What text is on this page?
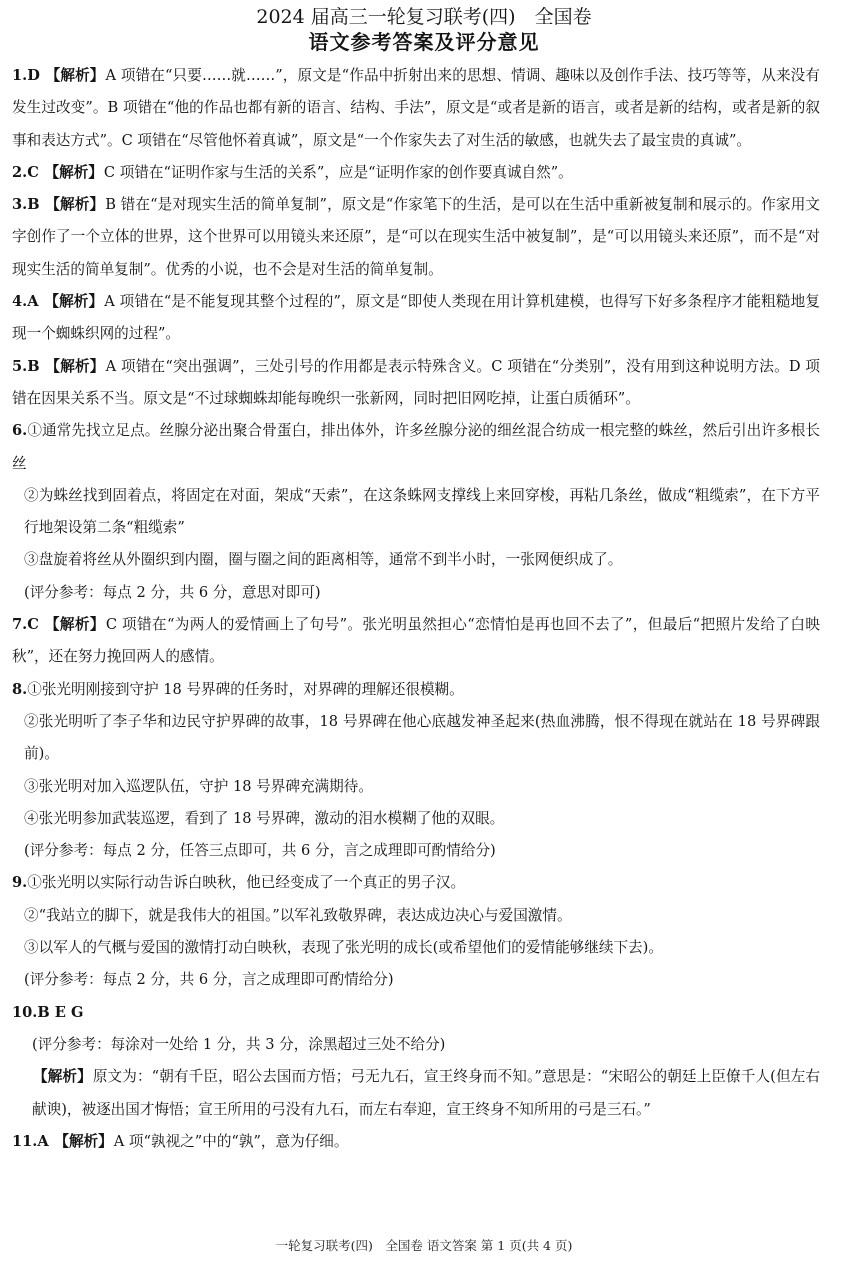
2024 届高三一轮复习联考(四)　全国卷
语文参考答案及评分意见

1.D 【解析】A 项错在“只要……就……”，原文是“作品中折射出来的思想、情调、趣味以及创作手法、技巧等等，从来没有发生过改变”。B 项错在“他的作品也都有新的语言、结构、手法”，原文是“或者是新的语言，或者是新的结构，或者是新的叙事和表达方式”。C 项错在“尽管他怀着真诚”，原文是“一个作家失去了对生活的敏感，也就失去了最宝贵的真诚”。

2.C 【解析】C 项错在“证明作家与生活的关系”，应是“证明作家的创作要真诚自然”。

3.B 【解析】B 错在“是对现实生活的简单复制”，原文是“作家笔下的生活，是可以在生活中重新被复制和展示的。作家用文字创作了一个立体的世界，这个世界可以用镜头来还原”，是“可以在现实生活中被复制”，是“可以用镜头来还原”，而不是“对现实生活的简单复制”。优秀的小说，也不会是对生活的简单复制。

4.A 【解析】A 项错在“是不能复现其整个过程的”，原文是“即使人类现在用计算机建模，也得写下好多条程序才能粗糙地复现一个蜘蛛织网的过程”。

5.B 【解析】A 项错在“突出强调”，三处引号的作用都是表示特殊含义。C 项错在“分类别”，没有用到这种说明方法。D 项错在因果关系不当。原文是“不过球蜘蛛却能每晚织一张新网，同时把旧网吃掉，让蛋白质循环”。

6.①通常先找立足点。丝腺分泌出聚合骨蛋白，排出体外，许多丝腺分泌的细丝混合纺成一根完整的蛛丝，然后引出许多根长丝

②为蛛丝找到固着点，将固定在对面，架成“天索”，在这条蛛网支撑线上来回穿梭，再粘几条丝，做成“粗缆索”，在下方平行地架设第二条“粗缆索”

③盘旋着将丝从外圈织到内圈，圈与圈之间的距离相等，通常不到半小时，一张网便织成了。

(评分参考：每点 2 分，共 6 分，意思对即可)

7.C 【解析】C 项错在“为两人的爱情画上了句号”。张光明虽然担心“恋情怕是再也回不去了”，但最后“把照片发给了白映秋”，还在努力挽回两人的感情。

8.①张光明刚接到守护 18 号界碑的任务时，对界碑的理解还很模糊。

②张光明听了李子华和边民守护界碑的故事，18 号界碑在他心底越发神圣起来(热血沸腾，恨不得现在就站在 18 号界碑跟前)。

③张光明对加入巡逻队伍，守护 18 号界碑充满期待。

④张光明参加武装巡逻，看到了 18 号界碑，激动的泪水模糊了他的双眼。

(评分参考：每点 2 分，任答三点即可，共 6 分，言之成理即可酌情给分)

9.①张光明以实际行动告诉白映秋，他已经变成了一个真正的男子汉。

②“我站立的脚下，就是我伟大的祖国。”以军礼致敬界碑，表达成边决心与爱国激情。

③以军人的气概与爱国的激情打动白映秋，表现了张光明的成长(或希望他们的爱情能够继续下去)。

(评分参考：每点 2 分，共 6 分，言之成理即可酌情给分)

10.B E G

(评分参考：每涂对一处给 1 分，共 3 分，涂黑超过三处不给分)

【解析】原文为：“朝有千臣，昭公去国而方悟；弓无九石，宣王终身而不知。”意思是：“宋昭公的朝廷上臣僚千人(但左右献谀)，被逐出国才悔悟；宣王所用的弓没有九石，而左右奉迎，宣王终身不知所用的弓是三石。”

11.A 【解析】A 项“孰视之”中的“孰”，意为仔细。

一轮复习联考(四)　全国卷 语文答案 第 1 页(共 4 页)
